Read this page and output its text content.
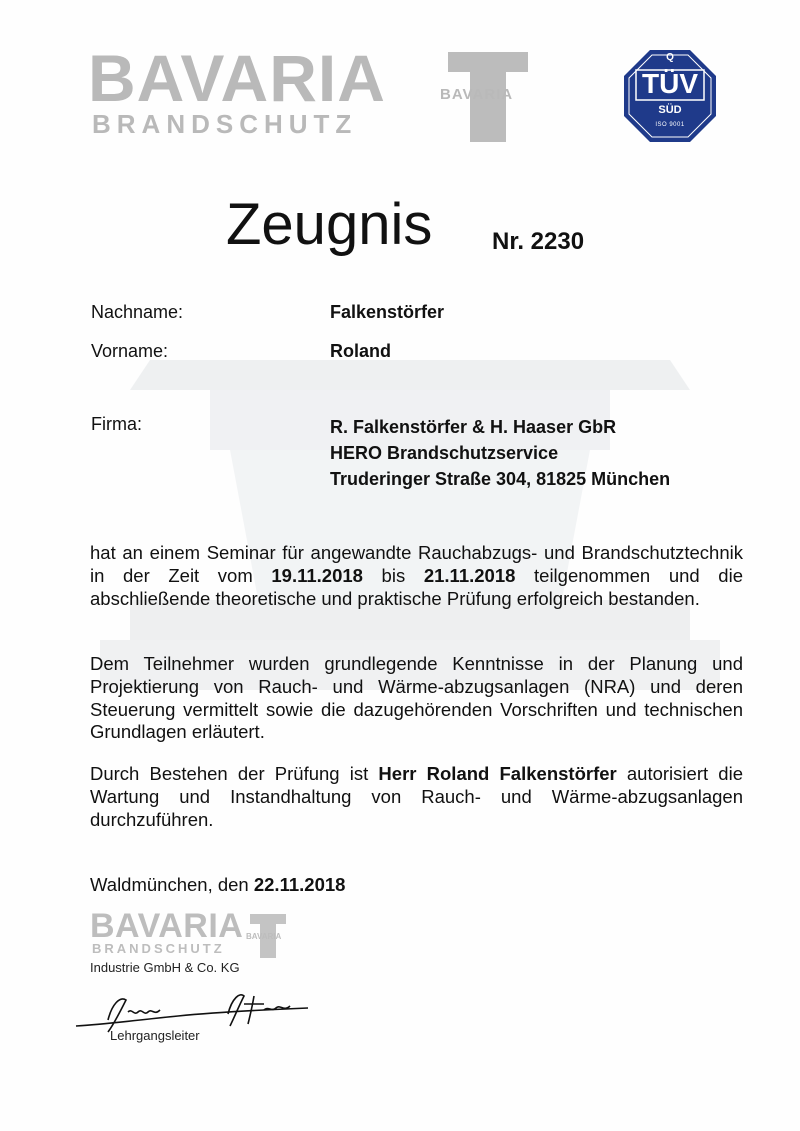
BAVARIA
BRANDSCHUTZ
BAVARIA
Q
TÜV
SÜD
ISO 9001
Zeugnis Nr. 2230
Nachname:	Falkenstörfer
Vorname:	Roland
Firma:	R. Falkenstörfer & H. Haaser GbR
HERO Brandschutzservice
Truderinger Straße 304, 81825 München
hat an einem Seminar für angewandte Rauchabzugs- und Brandschutztechnik in der Zeit vom 19.11.2018 bis 21.11.2018 teilgenommen und die abschließende theoretische und praktische Prüfung erfolgreich bestanden.
Dem Teilnehmer wurden grundlegende Kenntnisse in der Planung und Projektierung von Rauch- und Wärme-abzugsanlagen (NRA) und deren Steuerung vermittelt sowie die dazugehörenden Vorschriften und technischen Grundlagen erläutert.
Durch Bestehen der Prüfung ist Herr Roland Falkenstörfer autorisiert die Wartung und Instandhaltung von Rauch- und Wärme-abzugsanlagen durchzuführen.
Waldmünchen, den 22.11.2018
BAVARIA
BRANDSCHUTZ
BAVARIA
Industrie GmbH & Co. KG
Lehrgangsleiter
